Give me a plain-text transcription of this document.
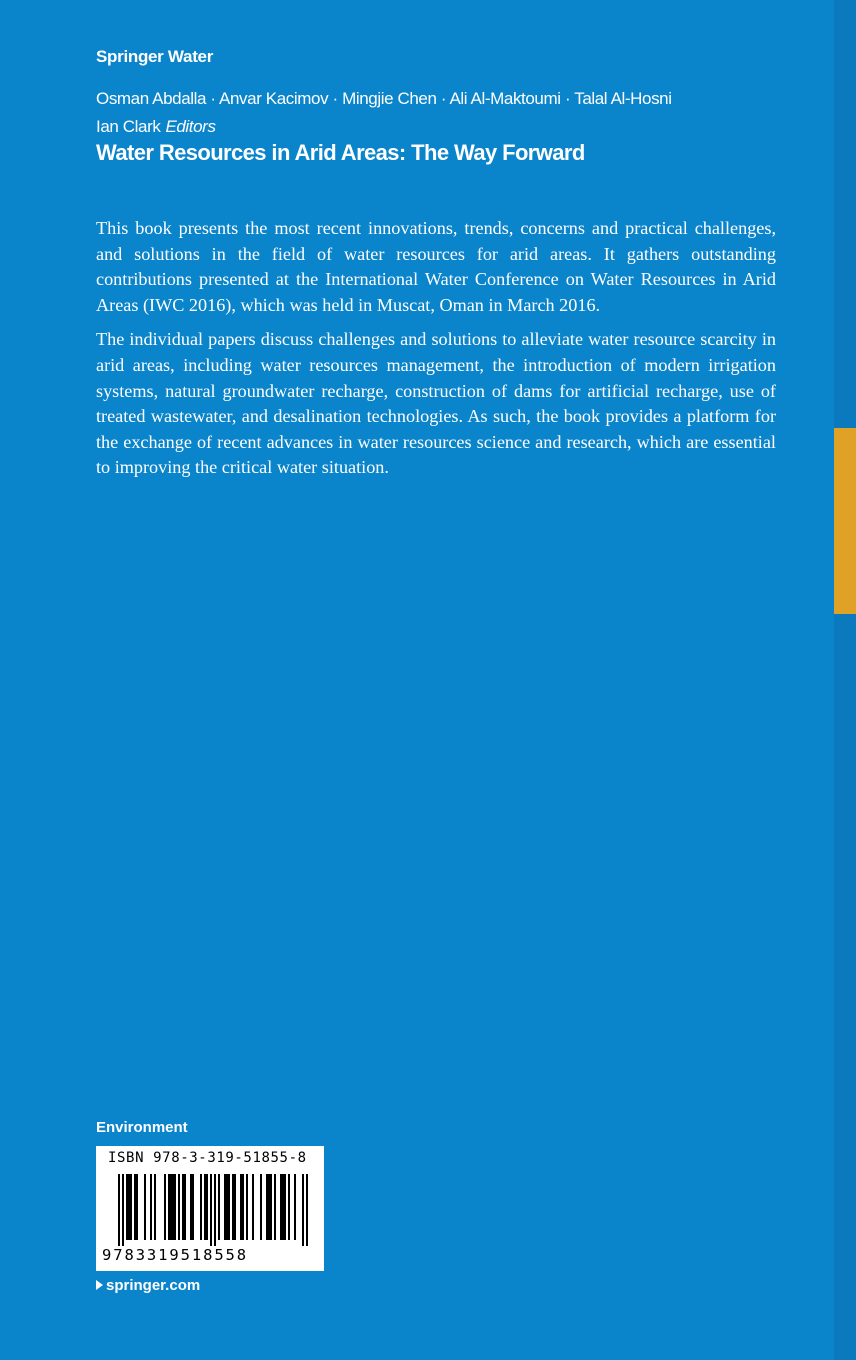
Springer Water
Osman Abdalla · Anvar Kacimov · Mingjie Chen · Ali Al-Maktoumi · Talal Al-Hosni
Ian Clark Editors
Water Resources in Arid Areas: The Way Forward

This book presents the most recent innovations, trends, concerns and practical challenges, and solutions in the field of water resources for arid areas. It gathers outstanding contributions presented at the International Water Conference on Water Resources in Arid Areas (IWC 2016), which was held in Muscat, Oman in March 2016.

The individual papers discuss challenges and solutions to alleviate water resource scarcity in arid areas, including water resources management, the introduction of modern irrigation systems, natural groundwater recharge, construction of dams for artificial recharge, use of treated wastewater, and desalination technologies. As such, the book provides a platform for the exchange of recent advances in water resources science and research, which are essential to improving the critical water situation.

Environment
ISBN 978-3-319-51855-8
9783319518558
springer.com
